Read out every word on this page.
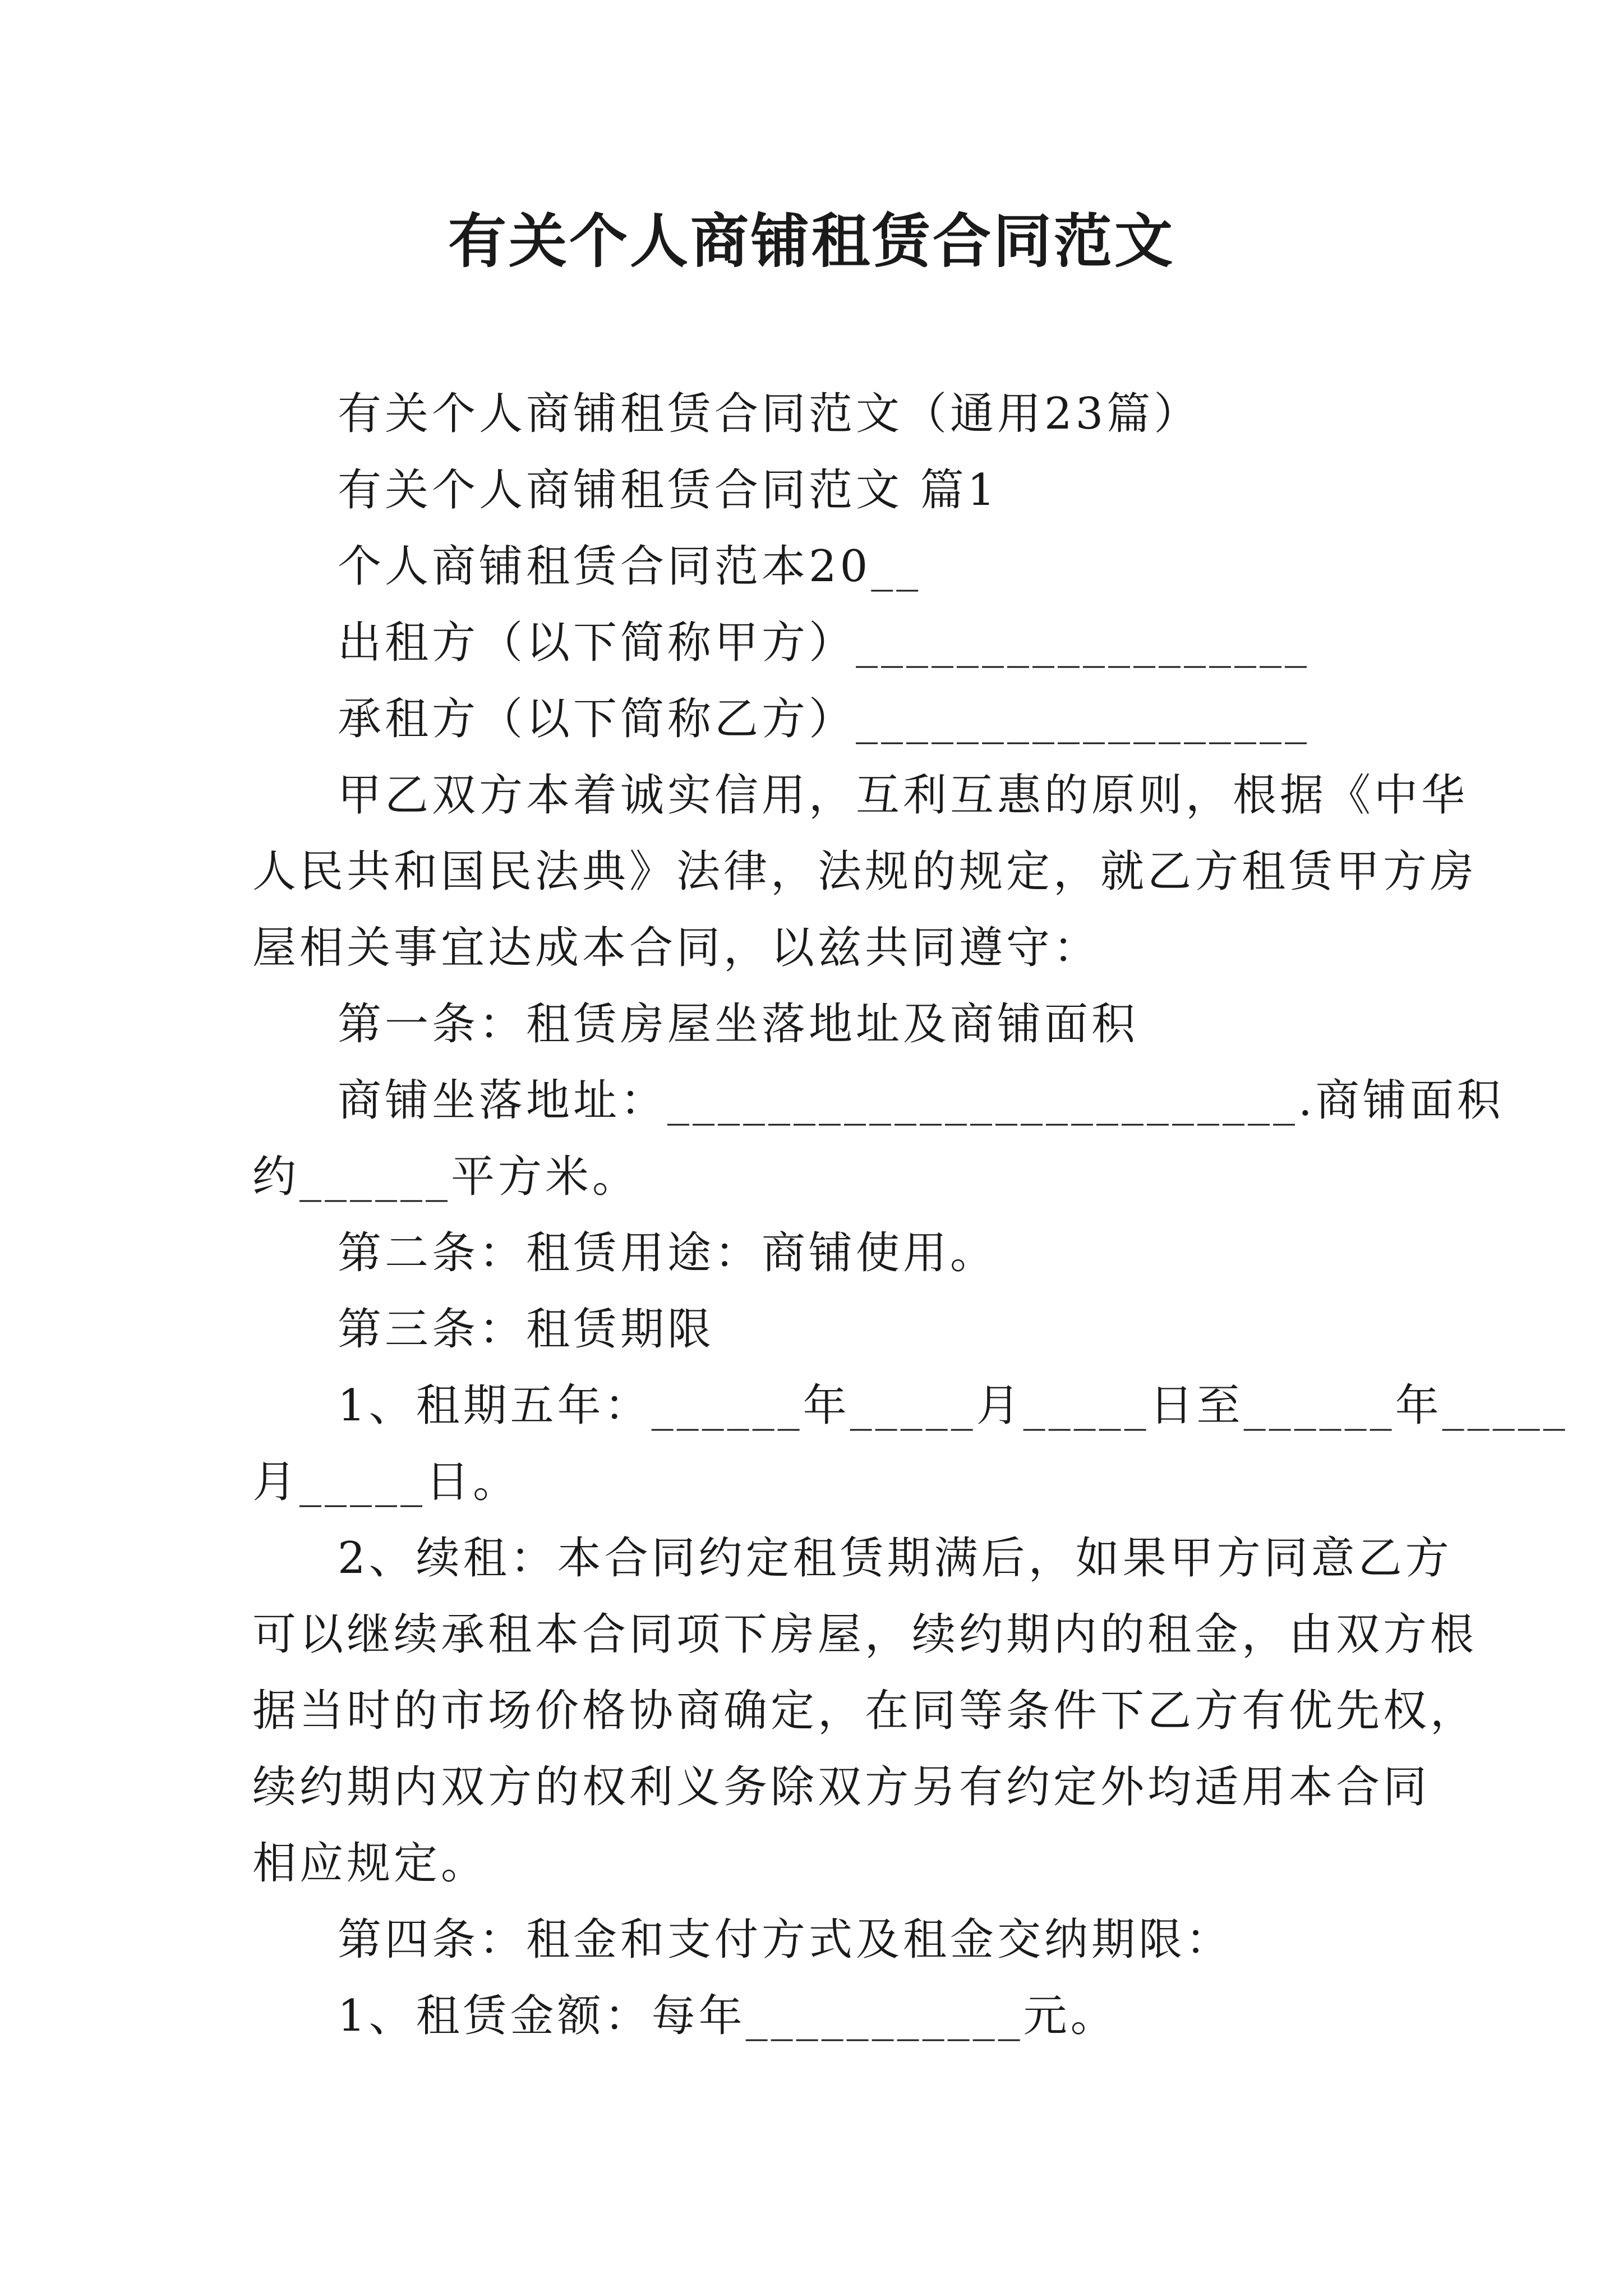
有关个人商铺租赁合同范文
有关个人商铺租赁合同范文（通用23篇）
有关个人商铺租赁合同范文 篇1
个人商铺租赁合同范本20__
出租方（以下简称甲方）__________________
承租方（以下简称乙方）__________________
甲乙双方本着诚实信用，互利互惠的原则，根据《中华
人民共和国民法典》法律，法规的规定，就乙方租赁甲方房
屋相关事宜达成本合同，以兹共同遵守：
第一条：租赁房屋坐落地址及商铺面积
商铺坐落地址：_________________________.商铺面积
约______平方米。
第二条：租赁用途：商铺使用。
第三条：租赁期限
1、租期五年：______年_____月_____日至______年_____
月_____日。
2、续租：本合同约定租赁期满后，如果甲方同意乙方
可以继续承租本合同项下房屋，续约期内的租金，由双方根
据当时的市场价格协商确定，在同等条件下乙方有优先权，
续约期内双方的权利义务除双方另有约定外均适用本合同
相应规定。
第四条：租金和支付方式及租金交纳期限：
1、租赁金额：每年___________元。
